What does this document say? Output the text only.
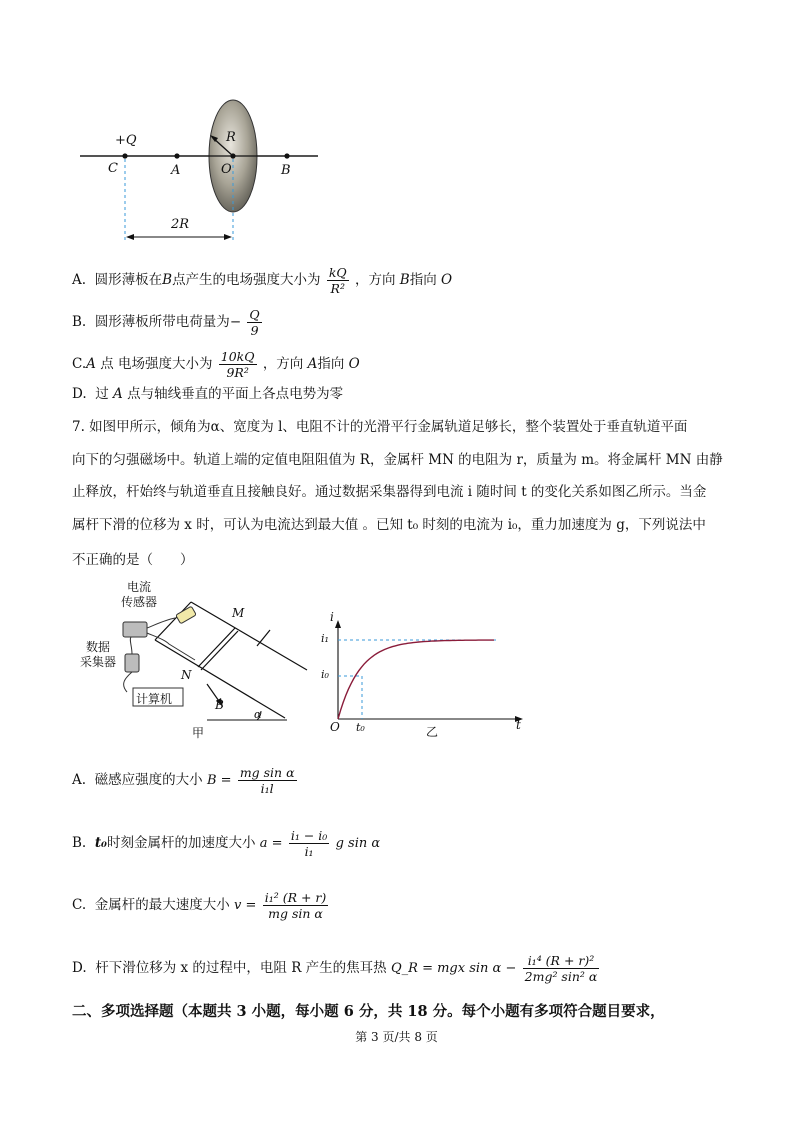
+Q
C	A	O	B
R
2R
A. 圆形薄板在B点产生的电场强度大小为 $\frac{kQ}{\text{R²}}$ ，方向 B指向 O
B. 圆形薄板所带电荷量为− $\frac{Q}{9}$
C.A 点 电场强度大小为 $\frac{10kQ}{\text{9R²}}$ ，方向 A指向 O
D. 过 A 点与轴线垂直的平面上各点电势为零
7. 如图甲所示，倾角为α、宽度为 l、电阻不计的光滑平行金属轨道足够长，整个装置处于垂直轨道平面
向下的匀强磁场中。轨道上端的定值电阻阻值为 R，金属杆 MN 的电阻为 r，质量为 m。将金属杆 MN 由静
止释放，杆始终与轨道垂直且接触良好。通过数据采集器得到电流 i 随时间 t 的变化关系如图乙所示。当金
属杆下滑的位移为 x 时，可认为电流达到最大值 。已知 t₀ 时刻的电流为 i₀，重力加速度为 g，下列说法中
不正确的是（　　）
电流
传感器
数据
采集器
计算机
M
N
B
α
甲
i
i₁
i₀
O t₀	t
乙
A. 磁感应强度的大小 $B = \frac{\text{mg sin α}}{\text{i₁l}}$
B. t₀时刻金属杆的加速度大小 $a = \frac{\text{i₁ − i₀}}{\text{i₁}}$ g sin α
C. 金属杆的最大速度大小 $v = \frac{\text{i₁² (R + r)}}{\text{mg sin α}}$
D. 杆下滑位移为 x 的过程中，电阻 R 产生的焦耳热 Q_R = mgx $\sin \alpha - \frac{\text{i₁⁴ (R + r)²}}{\text{2mg² sin² α}}$
二、多项选择题（本题共 3 小题，每小题 6 分，共 18 分。每个小题有多项符合题目要求，
第 3 页/共 8 页
